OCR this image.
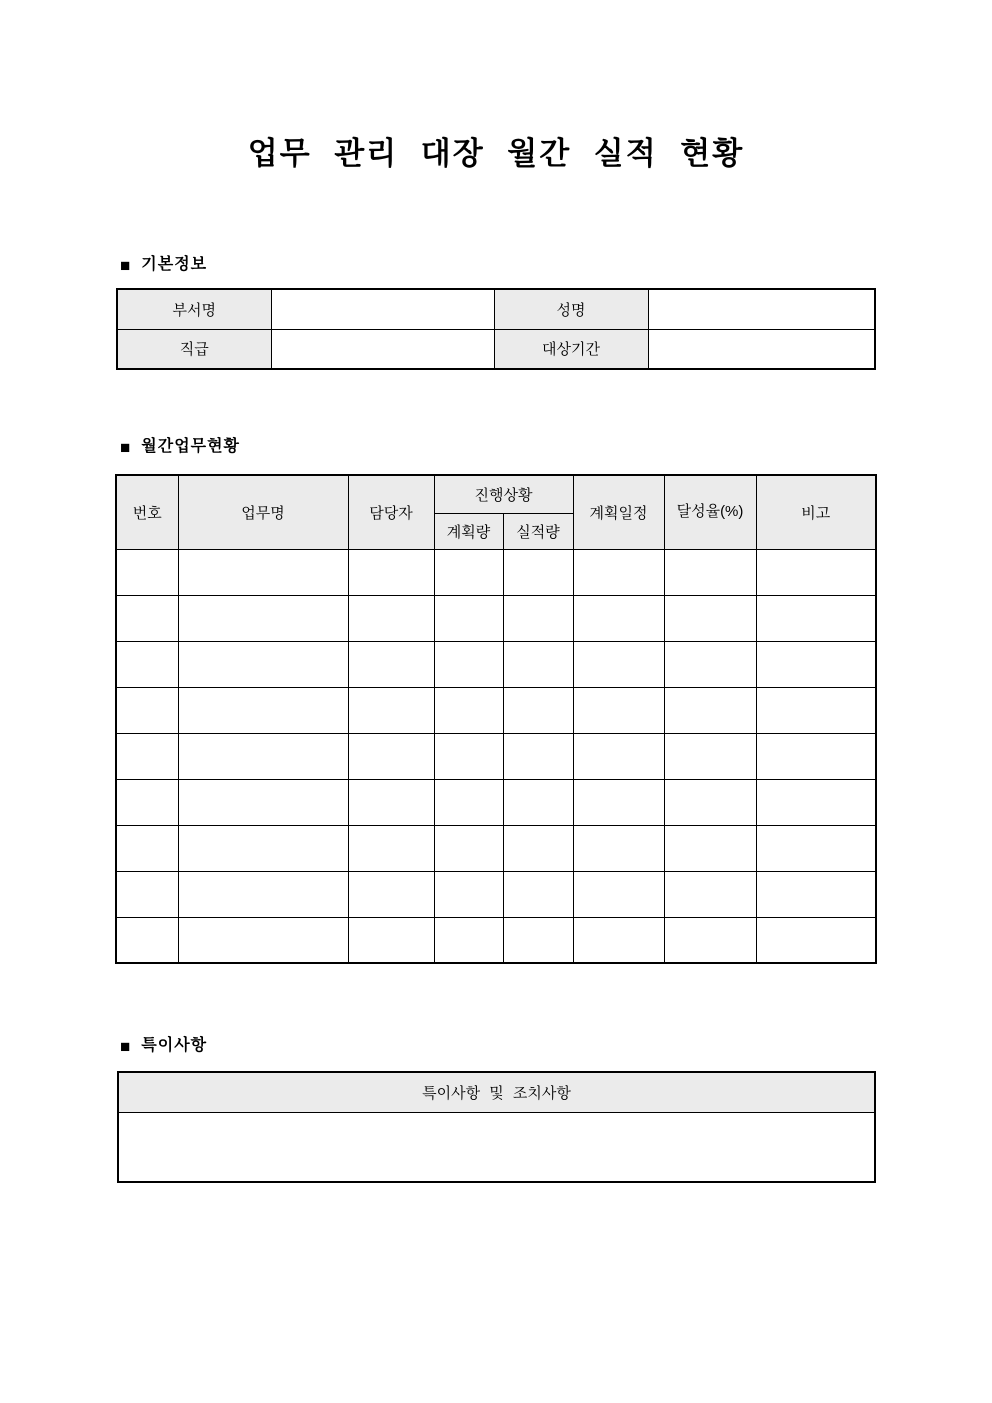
업무 관리 대장 월간 실적 현황
■ 기본정보
부서명		성명	
직급		대상기간	
■ 월간업무현황
번호	업무명	담당자	진행상황		계획일정	달성율(%)	비고
			계획량	실적량			

■ 특이사항
특이사항 및 조치사항
